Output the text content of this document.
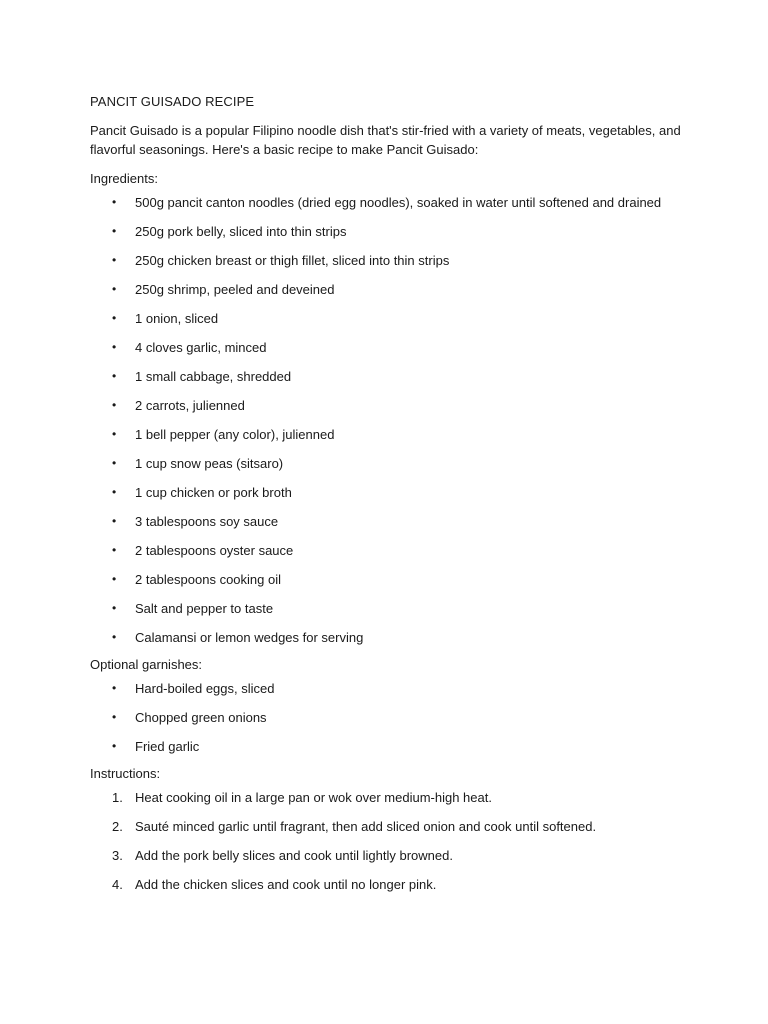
PANCIT GUISADO RECIPE

Pancit Guisado is a popular Filipino noodle dish that's stir-fried with a variety of meats, vegetables, and flavorful seasonings. Here's a basic recipe to make Pancit Guisado:

Ingredients:

• 500g pancit canton noodles (dried egg noodles), soaked in water until softened and drained
• 250g pork belly, sliced into thin strips
• 250g chicken breast or thigh fillet, sliced into thin strips
• 250g shrimp, peeled and deveined
• 1 onion, sliced
• 4 cloves garlic, minced
• 1 small cabbage, shredded
• 2 carrots, julienned
• 1 bell pepper (any color), julienned
• 1 cup snow peas (sitsaro)
• 1 cup chicken or pork broth
• 3 tablespoons soy sauce
• 2 tablespoons oyster sauce
• 2 tablespoons cooking oil
• Salt and pepper to taste
• Calamansi or lemon wedges for serving

Optional garnishes:

• Hard-boiled eggs, sliced
• Chopped green onions
• Fried garlic

Instructions:

1. Heat cooking oil in a large pan or wok over medium-high heat.
2. Sauté minced garlic until fragrant, then add sliced onion and cook until softened.
3. Add the pork belly slices and cook until lightly browned.
4. Add the chicken slices and cook until no longer pink.
